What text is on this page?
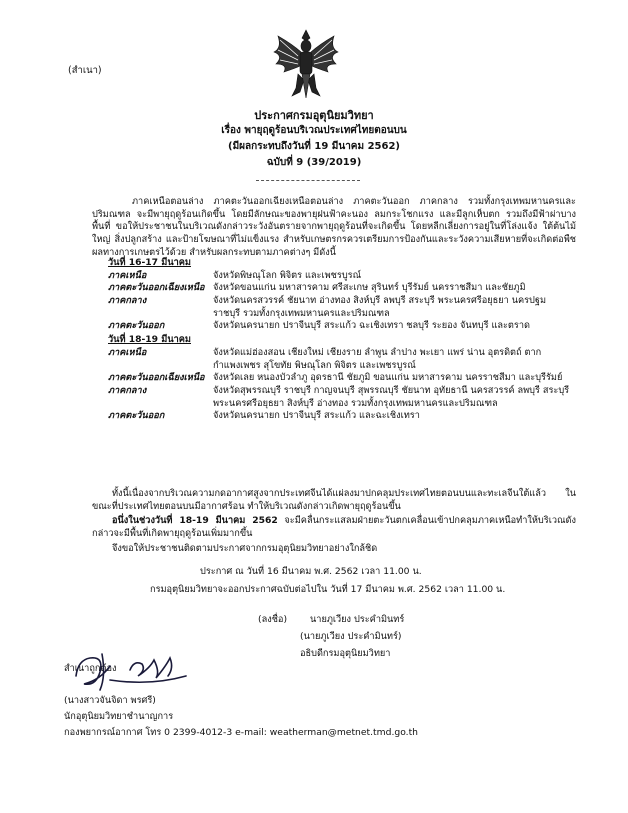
(สำเนา)
ประกาศกรมอุตุนิยมวิทยา
เรื่อง พายุฤดูร้อนบริเวณประเทศไทยตอนบน
(มีผลกระทบถึงวันที่ 19 มีนาคม 2562)
ฉบับที่ 9 (39/2019)
ภาคเหนือตอนล่าง ภาคตะวันออกเฉียงเหนือตอนล่าง ภาคตะวันออก ภาคกลาง รวมทั้งกรุงเทพมหานครและปริมณฑล จะมีพายุฤดูร้อนเกิดขึ้น โดยมีลักษณะของพายุฝนฟ้าคะนอง ลมกระโชกแรง และมีลูกเห็บตก รวมถึงมีฟ้าผ่าบางพื้นที่ ขอให้ประชาชนในบริเวณดังกล่าวระวังอันตรายจากพายุฤดูร้อนที่จะเกิดขึ้น โดยหลีกเลี่ยงการอยู่ในที่โล่งแจ้ง ใต้ต้นไม้ใหญ่ สิ่งปลูกสร้าง และป้ายโฆษณาที่ไม่แข็งแรง สำหรับเกษตรกรควรเตรียมการป้องกันและระวังความเสียหายที่จะเกิดต่อพืชผลทางการเกษตรไว้ด้วย สำหรับผลกระทบตามภาคต่างๆ มีดังนี้
วันที่ 16-17 มีนาคม	
ภาคเหนือ	จังหวัดพิษณุโลก พิจิตร และเพชรบูรณ์
ภาคตะวันออกเฉียงเหนือ	จังหวัดขอนแก่น มหาสารคาม ศรีสะเกษ สุรินทร์ บุรีรัมย์ นครราชสีมา และชัยภูมิ
ภาคกลาง	จังหวัดนครสวรรค์ ชัยนาท อ่างทอง สิงห์บุรี ลพบุรี สระบุรี พระนครศรีอยุธยา นครปฐม ราชบุรี รวมทั้งกรุงเทพมหานครและปริมณฑล
ภาคตะวันออก	จังหวัดนครนายก ปราจีนบุรี สระแก้ว ฉะเชิงเทรา ชลบุรี ระยอง จันทบุรี และตราด
วันที่ 18-19 มีนาคม	
ภาคเหนือ	จังหวัดแม่ฮ่องสอน เชียงใหม่ เชียงราย ลำพูน ลำปาง พะเยา แพร่ น่าน อุตรดิตถ์ ตาก กำแพงเพชร สุโขทัย พิษณุโลก พิจิตร และเพชรบูรณ์
ภาคตะวันออกเฉียงเหนือ	จังหวัดเลย หนองบัวลำภู อุดรธานี ชัยภูมิ ขอนแก่น มหาสารคาม นครราชสีมา และบุรีรัมย์
ภาคกลาง	จังหวัดสุพรรณบุรี ราชบุรี กาญจนบุรี สุพรรณบุรี ชัยนาท อุทัยธานี นครสวรรค์ ลพบุรี สระบุรี พระนครศรีอยุธยา สิงห์บุรี อ่างทอง รวมทั้งกรุงเทพมหานครและปริมณฑล
ภาคตะวันออก	จังหวัดนครนายก ปราจีนบุรี สระแก้ว และฉะเชิงเทรา
ทั้งนี้เนื่องจากบริเวณความกดอากาศสูงจากประเทศจีนได้แผ่ลงมาปกคลุมประเทศไทยตอนบนและทะเลจีนใต้แล้ว ในขณะที่ประเทศไทยตอนบนมีอากาศร้อน ทำให้บริเวณดังกล่าวเกิดพายุฤดูร้อนขึ้น
อนึ่งในช่วงวันที่ 18-19 มีนาคม 2562 จะมีคลื่นกระแสลมฝ่ายตะวันตกเคลื่อนเข้าปกคลุมภาคเหนือทำให้บริเวณดังกล่าวจะมีพื้นที่เกิดพายุฤดูร้อนเพิ่มมากขึ้น
จึงขอให้ประชาชนติดตามประกาศจากกรมอุตุนิยมวิทยาอย่างใกล้ชิด
ประกาศ ณ วันที่ 16 มีนาคม พ.ศ. 2562 เวลา 11.00 น.
กรมอุตุนิยมวิทยาจะออกประกาศฉบับต่อไปใน วันที่ 17 มีนาคม พ.ศ. 2562 เวลา 11.00 น.
(ลงชื่อ) นายภูเวียง ประคำมินทร์
(นายภูเวียง ประคำมินทร์)
อธิบดีกรมอุตุนิยมวิทยา
สำเนาถูกต้อง
(นางสาวจันจิดา พรศรี)
นักอุตุนิยมวิทยาชำนาญการ
กองพยากรณ์อากาศ โทร 0 2399-4012-3 e-mail: weatherman@metnet.tmd.go.th
